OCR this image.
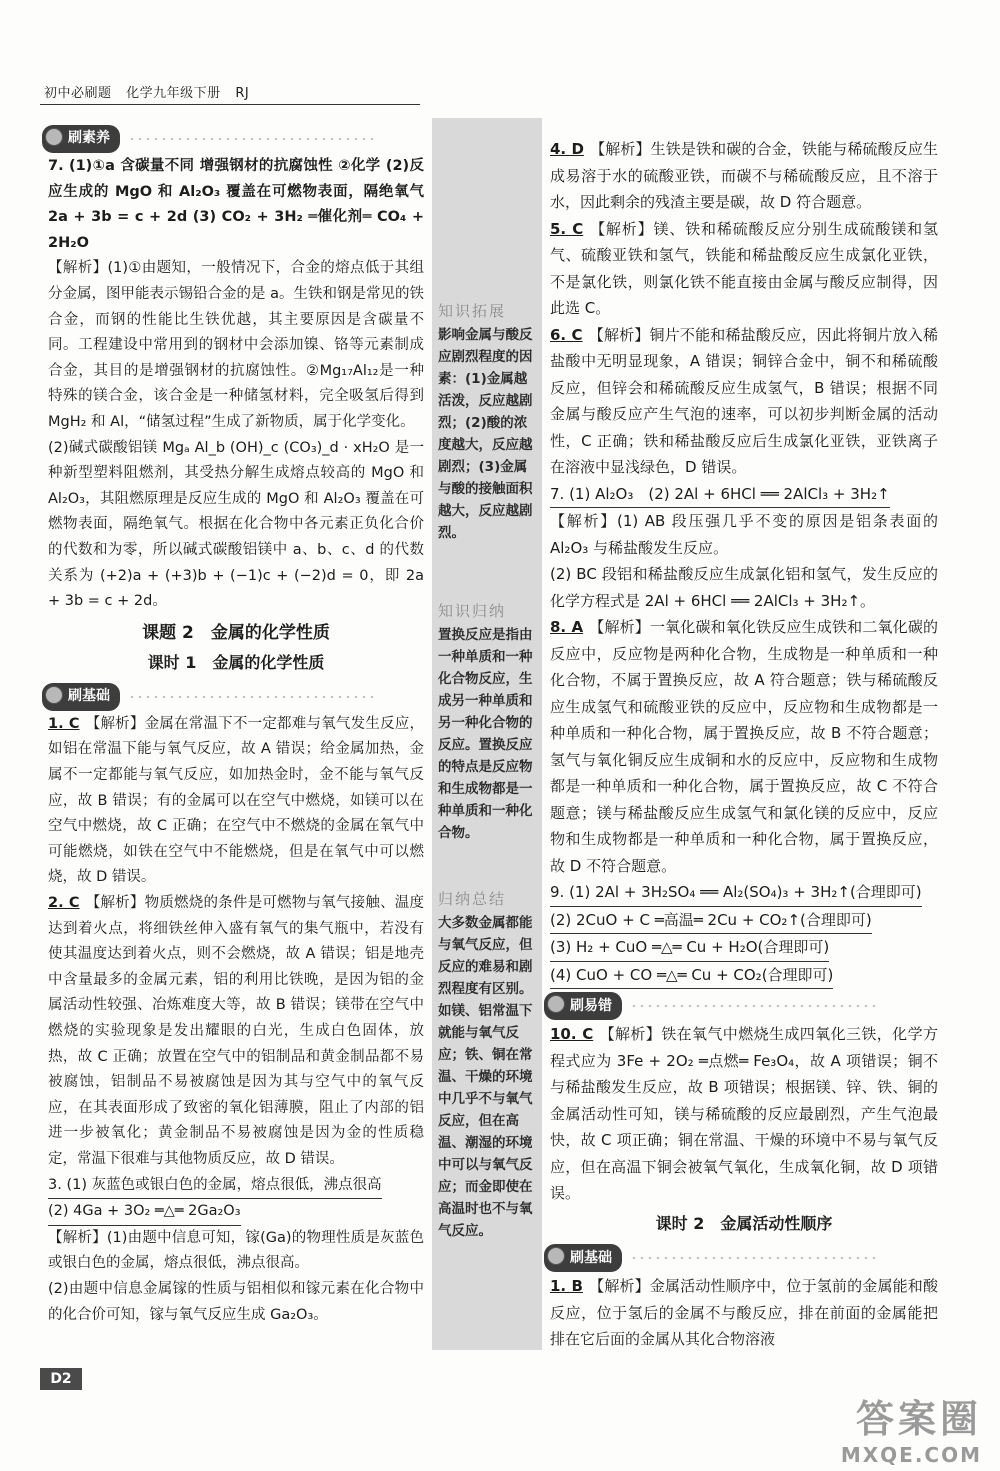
初中必刷题 化学九年级下册 RJ
知识拓展
影响金属与酸反应剧烈程度的因素：(1)金属越活泼，反应越剧烈；(2)酸的浓度越大，反应越剧烈；(3)金属与酸的接触面积越大，反应越剧烈。
知识归纳
置换反应是指由一种单质和一种化合物反应，生成另一种单质和另一种化合物的反应。置换反应的特点是反应物和生成物都是一种单质和一种化合物。
归纳总结
大多数金属都能与氧气反应，但反应的难易和剧烈程度有区别。如镁、铝常温下就能与氧气反应；铁、铜在常温、干燥的环境中几乎不与氧气反应，但在高温、潮湿的环境中可以与氧气反应；而金即使在高温时也不与氧气反应。
刷素养

7. (1)①a 含碳量不同 增强钢材的抗腐蚀性 ②化学 (2)反应生成的 MgO 和 Al₂O₃ 覆盖在可燃物表面，隔绝氧气 2a + 3b = c + 2d (3) CO₂ + 3H₂ ═催化剂═ CO₄ + 2H₂O

【解析】(1)①由题知，一般情况下，合金的熔点低于其组分金属，图甲能表示锡铅合金的是 a。生铁和钢是常见的铁合金，而钢的性能比生铁优越，其主要原因是含碳量不同。工程建设中常用到的钢材中会添加镍、铬等元素制成合金，其目的是增强钢材的抗腐蚀性。②Mg₁₇Al₁₂是一种特殊的镁合金，该合金是一种储氢材料，完全吸氢后得到 MgH₂ 和 Al，“储氢过程”生成了新物质，属于化学变化。

(2)碱式碳酸铝镁 Mgₐ Al_b (OH)_c (CO₃)_d · xH₂O 是一种新型塑料阻燃剂，其受热分解生成熔点较高的 MgO 和 Al₂O₃，其阻燃原理是反应生成的 MgO 和 Al₂O₃ 覆盖在可燃物表面，隔绝氧气。根据在化合物中各元素正负化合价的代数和为零，所以碱式碳酸铝镁中 a、b、c、d 的代数关系为 (+2)a + (+3)b + (−1)c + (−2)d = 0，即 2a + 3b = c + 2d。

课题 2　金属的化学性质
课时 1　金属的化学性质
刷基础

1. C 【解析】金属在常温下不一定都难与氧气发生反应，如铝在常温下能与氧气反应，故 A 错误；给金属加热，金属不一定都能与氧气反应，如加热金时，金不能与氧气反应，故 B 错误；有的金属可以在空气中燃烧，如镁可以在空气中燃烧，故 C 正确；在空气中不燃烧的金属在氧气中可能燃烧，如铁在空气中不能燃烧，但是在氧气中可以燃烧，故 D 错误。

2. C 【解析】物质燃烧的条件是可燃物与氧气接触、温度达到着火点，将细铁丝伸入盛有氧气的集气瓶中，若没有使其温度达到着火点，则不会燃烧，故 A 错误；铝是地壳中含量最多的金属元素，铝的利用比铁晚，是因为铝的金属活动性较强、冶炼难度大等，故 B 错误；镁带在空气中燃烧的实验现象是发出耀眼的白光，生成白色固体，放热，故 C 正确；放置在空气中的铝制品和黄金制品都不易被腐蚀，铝制品不易被腐蚀是因为其与空气中的氧气反应，在其表面形成了致密的氧化铝薄膜，阻止了内部的铝进一步被氧化；黄金制品不易被腐蚀是因为金的性质稳定，常温下很难与其他物质反应，故 D 错误。

3. (1) 灰蓝色或银白色的金属，熔点很低，沸点很高

(2) 4Ga + 3O₂ ═△═ 2Ga₂O₃

【解析】(1)由题中信息可知，镓(Ga)的物理性质是灰蓝色或银白色的金属，熔点很低，沸点很高。

(2)由题中信息金属镓的性质与铝相似和镓元素在化合物中的化合价可知，镓与氧气反应生成 Ga₂O₃。

4. D 【解析】生铁是铁和碳的合金，铁能与稀硫酸反应生成易溶于水的硫酸亚铁，而碳不与稀硫酸反应，且不溶于水，因此剩余的残渣主要是碳，故 D 符合题意。

5. C 【解析】镁、铁和稀硫酸反应分别生成硫酸镁和氢气、硫酸亚铁和氢气，铁能和稀盐酸反应生成氯化亚铁，不是氯化铁，则氯化铁不能直接由金属与酸反应制得，因此选 C。

6. C 【解析】铜片不能和稀盐酸反应，因此将铜片放入稀盐酸中无明显现象，A 错误；铜锌合金中，铜不和稀硫酸反应，但锌会和稀硫酸反应生成氢气，B 错误；根据不同金属与酸反应产生气泡的速率，可以初步判断金属的活动性，C 正确；铁和稀盐酸反应后生成氯化亚铁，亚铁离子在溶液中显浅绿色，D 错误。

7. (1) Al₂O₃　(2) 2Al + 6HCl ══ 2AlCl₃ + 3H₂↑

【解析】(1) AB 段压强几乎不变的原因是铝条表面的 Al₂O₃ 与稀盐酸发生反应。

(2) BC 段铝和稀盐酸反应生成氯化铝和氢气，发生反应的化学方程式是 2Al + 6HCl ══ 2AlCl₃ + 3H₂↑。

8. A 【解析】一氧化碳和氧化铁反应生成铁和二氧化碳的反应中，反应物是两种化合物，生成物是一种单质和一种化合物，不属于置换反应，故 A 符合题意；铁与稀硫酸反应生成氢气和硫酸亚铁的反应中，反应物和生成物都是一种单质和一种化合物，属于置换反应，故 B 不符合题意；氢气与氧化铜反应生成铜和水的反应中，反应物和生成物都是一种单质和一种化合物，属于置换反应，故 C 不符合题意；镁与稀盐酸反应生成氢气和氯化镁的反应中，反应物和生成物都是一种单质和一种化合物，属于置换反应，故 D 不符合题意。

9. (1) 2Al + 3H₂SO₄ ══ Al₂(SO₄)₃ + 3H₂↑(合理即可)

(2) 2CuO + C ═高温═ 2Cu + CO₂↑(合理即可)

(3) H₂ + CuO ═△═ Cu + H₂O(合理即可)

(4) CuO + CO ═△═ Cu + CO₂(合理即可)

刷易错

10. C 【解析】铁在氧气中燃烧生成四氧化三铁，化学方程式应为 3Fe + 2O₂ ═点燃═ Fe₃O₄，故 A 项错误；铜不与稀盐酸发生反应，故 B 项错误；根据镁、锌、铁、铜的金属活动性可知，镁与稀硫酸的反应最剧烈，产生气泡最快，故 C 项正确；铜在常温、干燥的环境中不易与氧气反应，但在高温下铜会被氧气氧化，生成氧化铜，故 D 项错误。

课时 2　金属活动性顺序
刷基础

1. B 【解析】金属活动性顺序中，位于氢前的金属能和酸反应，位于氢后的金属不与酸反应，排在前面的金属能把排在它后面的金属从其化合物溶液

D2
答案圈
MXQE.COM
